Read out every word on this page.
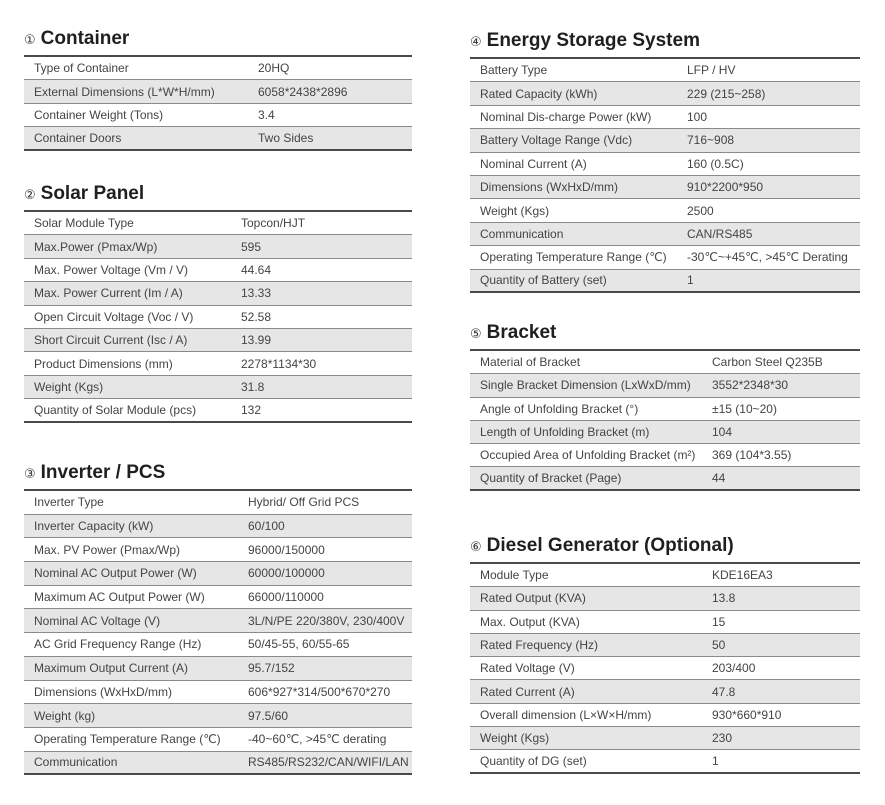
① Container
Type of Container	20HQ
External Dimensions (L*W*H/mm)	6058*2438*2896
Container Weight (Tons)	3.4
Container Doors	Two Sides
② Solar Panel
Solar Module Type	Topcon/HJT
Max.Power (Pmax/Wp)	595
Max. Power Voltage (Vm / V)	44.64
Max. Power Current (Im / A)	13.33
Open Circuit Voltage (Voc / V)	52.58
Short Circuit Current (Isc / A)	13.99
Product Dimensions (mm)	2278*1134*30
Weight (Kgs)	31.8
Quantity of Solar Module (pcs)	132
③ Inverter / PCS
Inverter Type	Hybrid/ Off Grid PCS
Inverter Capacity (kW)	60/100
Max. PV Power (Pmax/Wp)	96000/150000
Nominal AC Output Power (W)	60000/100000
Maximum AC Output Power (W)	66000/110000
Nominal AC Voltage (V)	3L/N/PE 220/380V, 230/400V
AC Grid Frequency Range (Hz)	50/45-55, 60/55-65
Maximum Output Current (A)	95.7/152
Dimensions (WxHxD/mm)	606*927*314/500*670*270
Weight (kg)	97.5/60
Operating Temperature Range (℃)	-40~60℃, >45℃ derating
Communication	RS485/RS232/CAN/WIFI/LAN
④ Energy Storage System
Battery Type	LFP / HV
Rated Capacity (kWh)	229 (215~258)
Nominal Dis-charge Power (kW)	100
Battery Voltage Range (Vdc)	716~908
Nominal Current (A)	160 (0.5C)
Dimensions (WxHxD/mm)	910*2200*950
Weight (Kgs)	2500
Communication	CAN/RS485
Operating Temperature Range (℃)	-30℃~+45℃, >45℃ Derating
Quantity of Battery (set)	1
⑤ Bracket
Material of Bracket	Carbon Steel Q235B
Single Bracket Dimension (LxWxD/mm)	3552*2348*30
Angle of Unfolding Bracket (°)	±15 (10~20)
Length of Unfolding Bracket (m)	104
Occupied Area of Unfolding Bracket (m²)	369 (104*3.55)
Quantity of Bracket (Page)	44
⑥ Diesel Generator (Optional)
Module Type	KDE16EA3
Rated Output (KVA)	13.8
Max. Output (KVA)	15
Rated Frequency (Hz)	50
Rated Voltage (V)	203/400
Rated Current (A)	47.8
Overall dimension (L×W×H/mm)	930*660*910
Weight (Kgs)	230
Quantity of DG (set)	1
